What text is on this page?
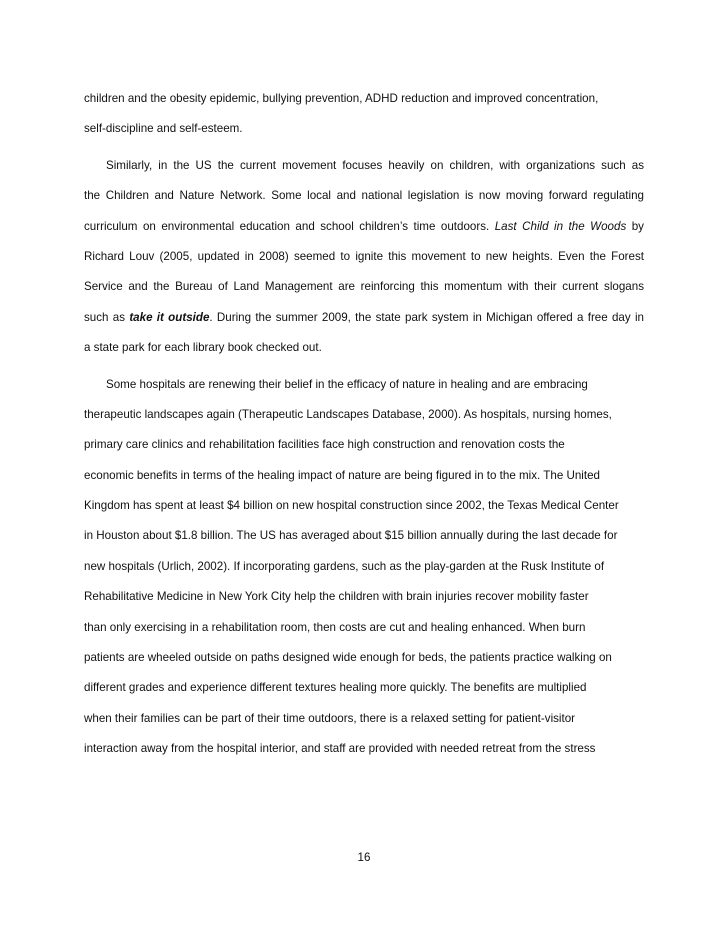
children and the obesity epidemic, bullying prevention, ADHD reduction and improved concentration,
self-discipline and self-esteem.
Similarly, in the US the current movement focuses heavily on children, with organizations such as
the Children and Nature Network. Some local and national legislation is now moving forward regulating
curriculum on environmental education and school children’s time outdoors. Last Child in the Woods by
Richard Louv (2005, updated in 2008) seemed to ignite this movement to new heights. Even the Forest
Service and the Bureau of Land Management are reinforcing this momentum with their current slogans
such as take it outside. During the summer 2009, the state park system in Michigan offered a free day in
a state park for each library book checked out.
Some hospitals are renewing their belief in the efficacy of nature in healing and are embracing
therapeutic landscapes again (Therapeutic Landscapes Database, 2000). As hospitals, nursing homes,
primary care clinics and rehabilitation facilities face high construction and renovation costs the
economic benefits in terms of the healing impact of nature are being figured in to the mix. The United
Kingdom has spent at least $4 billion on new hospital construction since 2002, the Texas Medical Center
in Houston about $1.8 billion. The US has averaged about $15 billion annually during the last decade for
new hospitals (Urlich, 2002). If incorporating gardens, such as the play-garden at the Rusk Institute of
Rehabilitative Medicine in New York City help the children with brain injuries recover mobility faster
than only exercising in a rehabilitation room, then costs are cut and healing enhanced. When burn
patients are wheeled outside on paths designed wide enough for beds, the patients practice walking on
different grades and experience different textures healing more quickly. The benefits are multiplied
when their families can be part of their time outdoors, there is a relaxed setting for patient-visitor
interaction away from the hospital interior, and staff are provided with needed retreat from the stress
16
